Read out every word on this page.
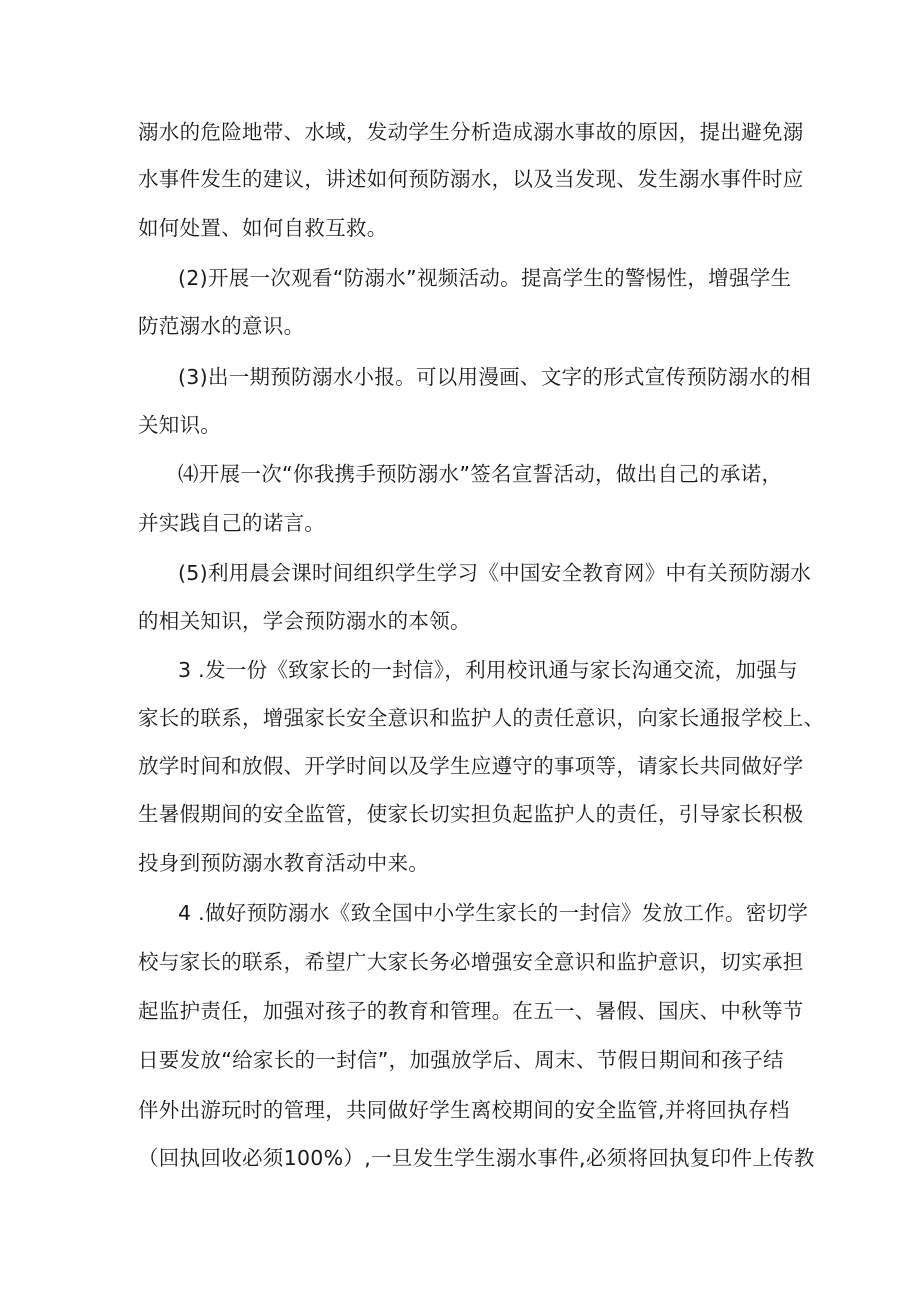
溺水的危险地带、水域，发动学生分析造成溺水事故的原因，提出避免溺
水事件发生的建议，讲述如何预防溺水，以及当发现、发生溺水事件时应
如何处置、如何自救互救。
(2)开展一次观看“防溺水”视频活动。提高学生的警惕性，增强学生
防范溺水的意识。
(3)出一期预防溺水小报。可以用漫画、文字的形式宣传预防溺水的相
关知识。
⑷开展一次“你我携手预防溺水”签名宣誓活动，做出自己的承诺，
并实践自己的诺言。
(5)利用晨会课时间组织学生学习《中国安全教育网》中有关预防溺水
的相关知识，学会预防溺水的本领。
3 .发一份《致家长的一封信》，利用校讯通与家长沟通交流，加强与
家长的联系，增强家长安全意识和监护人的责任意识，向家长通报学校上、
放学时间和放假、开学时间以及学生应遵守的事项等，请家长共同做好学
生暑假期间的安全监管，使家长切实担负起监护人的责任，引导家长积极
投身到预防溺水教育活动中来。
4 .做好预防溺水《致全国中小学生家长的一封信》发放工作。密切学
校与家长的联系，希望广大家长务必增强安全意识和监护意识，切实承担
起监护责任，加强对孩子的教育和管理。在五一、暑假、国庆、中秋等节
日要发放“给家长的一封信”，加强放学后、周末、节假日期间和孩子结
伴外出游玩时的管理，共同做好学生离校期间的安全监管,并将回执存档
（回执回收必须100%）,一旦发生学生溺水事件,必须将回执复印件上传教
